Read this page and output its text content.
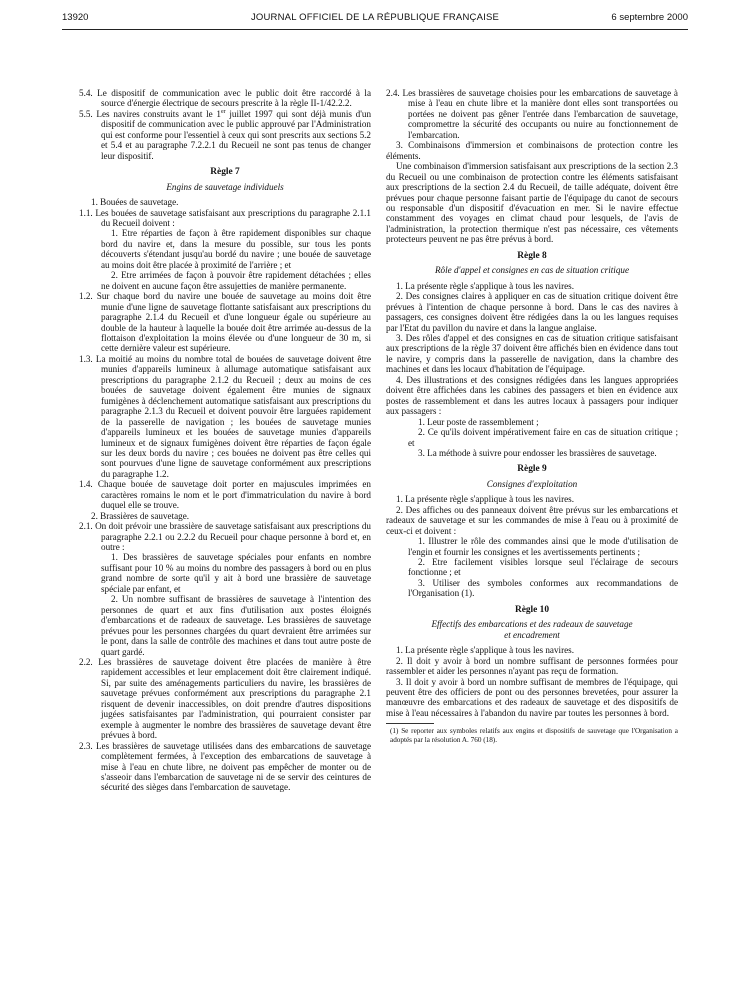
13920	JOURNAL OFFICIEL DE LA RÉPUBLIQUE FRANÇAISE	6 septembre 2000

5.4. Le dispositif de communication avec le public doit être raccordé à la source d'énergie électrique de secours prescrite à la règle II-1/42.2.2.

5.5. Les navires construits avant le 1er juillet 1997 qui sont déjà munis d'un dispositif de communication avec le public approuvé par l'Administration qui est conforme pour l'essentiel à ceux qui sont prescrits aux sections 5.2 et 5.4 et au paragraphe 7.2.2.1 du Recueil ne sont pas tenus de changer leur dispositif.

Règle 7

Engins de sauvetage individuels

1. Bouées de sauvetage.

1.1. Les bouées de sauvetage satisfaisant aux prescriptions du paragraphe 2.1.1 du Recueil doivent :

1. Etre réparties de façon à être rapidement disponibles sur chaque bord du navire et, dans la mesure du possible, sur tous les ponts découverts s'étendant jusqu'au bordé du navire ; une bouée de sauvetage au moins doit être placée à proximité de l'arrière ; et

2. Etre arrimées de façon à pouvoir être rapidement détachées ; elles ne doivent en aucune façon être assujetties de manière permanente.

1.2. Sur chaque bord du navire une bouée de sauvetage au moins doit être munie d'une ligne de sauvetage flottante satisfaisant aux prescriptions du paragraphe 2.1.4 du Recueil et d'une longueur égale ou supérieure au double de la hauteur à laquelle la bouée doit être arrimée au-dessus de la flottaison d'exploitation la moins élevée ou d'une longueur de 30 m, si cette dernière valeur est supérieure.

1.3. La moitié au moins du nombre total de bouées de sauvetage doivent être munies d'appareils lumineux à allumage automatique satisfaisant aux prescriptions du paragraphe 2.1.2 du Recueil ; deux au moins de ces bouées de sauvetage doivent également être munies de signaux fumigènes à déclenchement automatique satisfaisant aux prescriptions du paragraphe 2.1.3 du Recueil et doivent pouvoir être larguées rapidement de la passerelle de navigation ; les bouées de sauvetage munies d'appareils lumineux et les bouées de sauvetage munies d'appareils lumineux et de signaux fumigènes doivent être réparties de façon égale sur les deux bords du navire ; ces bouées ne doivent pas être celles qui sont pourvues d'une ligne de sauvetage conformément aux prescriptions du paragraphe 1.2.

1.4. Chaque bouée de sauvetage doit porter en majuscules imprimées en caractères romains le nom et le port d'immatriculation du navire à bord duquel elle se trouve.

2. Brassières de sauvetage.

2.1. On doit prévoir une brassière de sauvetage satisfaisant aux prescriptions du paragraphe 2.2.1 ou 2.2.2 du Recueil pour chaque personne à bord et, en outre :

1. Des brassières de sauvetage spéciales pour enfants en nombre suffisant pour 10 % au moins du nombre des passagers à bord ou en plus grand nombre de sorte qu'il y ait à bord une brassière de sauvetage spéciale par enfant, et

2. Un nombre suffisant de brassières de sauvetage à l'intention des personnes de quart et aux fins d'utilisation aux postes éloignés d'embarcations et de radeaux de sauvetage. Les brassières de sauvetage prévues pour les personnes chargées du quart devraient être arrimées sur le pont, dans la salle de contrôle des machines et dans tout autre poste de quart gardé.

2.2. Les brassières de sauvetage doivent être placées de manière à être rapidement accessibles et leur emplacement doit être clairement indiqué. Si, par suite des aménagements particuliers du navire, les brassières de sauvetage prévues conformément aux prescriptions du paragraphe 2.1 risquent de devenir inaccessibles, on doit prendre d'autres dispositions jugées satisfaisantes par l'administration, qui pourraient consister par exemple à augmenter le nombre des brassières de sauvetage devant être prévues à bord.

2.3. Les brassières de sauvetage utilisées dans des embarcations de sauvetage complètement fermées, à l'exception des embarcations de sauvetage à mise à l'eau en chute libre, ne doivent pas empêcher de monter ou de s'asseoir dans l'embarcation de sauvetage ni de se servir des ceintures de sécurité des sièges dans l'embarcation de sauvetage.

2.4. Les brassières de sauvetage choisies pour les embarcations de sauvetage à mise à l'eau en chute libre et la manière dont elles sont transportées ou portées ne doivent pas gêner l'entrée dans l'embarcation de sauvetage, compromettre la sécurité des occupants ou nuire au fonctionnement de l'embarcation.

3. Combinaisons d'immersion et combinaisons de protection contre les éléments.

Une combinaison d'immersion satisfaisant aux prescriptions de la section 2.3 du Recueil ou une combinaison de protection contre les éléments satisfaisant aux prescriptions de la section 2.4 du Recueil, de taille adéquate, doivent être prévues pour chaque personne faisant partie de l'équipage du canot de secours ou responsable d'un dispositif d'évacuation en mer. Si le navire effectue constamment des voyages en climat chaud pour lesquels, de l'avis de l'administration, la protection thermique n'est pas nécessaire, ces vêtements protecteurs peuvent ne pas être prévus à bord.

Règle 8

Rôle d'appel et consignes en cas de situation critique

1. La présente règle s'applique à tous les navires.

2. Des consignes claires à appliquer en cas de situation critique doivent être prévues à l'intention de chaque personne à bord. Dans le cas des navires à passagers, ces consignes doivent être rédigées dans la ou les langues requises par l'Etat du pavillon du navire et dans la langue anglaise.

3. Des rôles d'appel et des consignes en cas de situation critique satisfaisant aux prescriptions de la règle 37 doivent être affichés bien en évidence dans tout le navire, y compris dans la passerelle de navigation, dans la chambre des machines et dans les locaux d'habitation de l'équipage.

4. Des illustrations et des consignes rédigées dans les langues appropriées doivent être affichées dans les cabines des passagers et bien en évidence aux postes de rassemblement et dans les autres locaux à passagers pour indiquer aux passagers :

1. Leur poste de rassemblement ;

2. Ce qu'ils doivent impérativement faire en cas de situation critique ; et

3. La méthode à suivre pour endosser les brassières de sauvetage.

Règle 9

Consignes d'exploitation

1. La présente règle s'applique à tous les navires.

2. Des affiches ou des panneaux doivent être prévus sur les embarcations et radeaux de sauvetage et sur les commandes de mise à l'eau ou à proximité de ceux-ci et doivent :

1. Illustrer le rôle des commandes ainsi que le mode d'utilisation de l'engin et fournir les consignes et les avertissements pertinents ;

2. Etre facilement visibles lorsque seul l'éclairage de secours fonctionne ; et

3. Utiliser des symboles conformes aux recommandations de l'Organisation (1).

Règle 10

Effectifs des embarcations et des radeaux de sauvetage
et encadrement

1. La présente règle s'applique à tous les navires.

2. Il doit y avoir à bord un nombre suffisant de personnes formées pour rassembler et aider les personnes n'ayant pas reçu de formation.

3. Il doit y avoir à bord un nombre suffisant de membres de l'équipage, qui peuvent être des officiers de pont ou des personnes brevetées, pour assurer la manœuvre des embarcations et des radeaux de sauvetage et des dispositifs de mise à l'eau nécessaires à l'abandon du navire par toutes les personnes à bord.

(1) Se reporter aux symboles relatifs aux engins et dispositifs de sauvetage que l'Organisation a adoptés par la résolution A. 760 (18).
